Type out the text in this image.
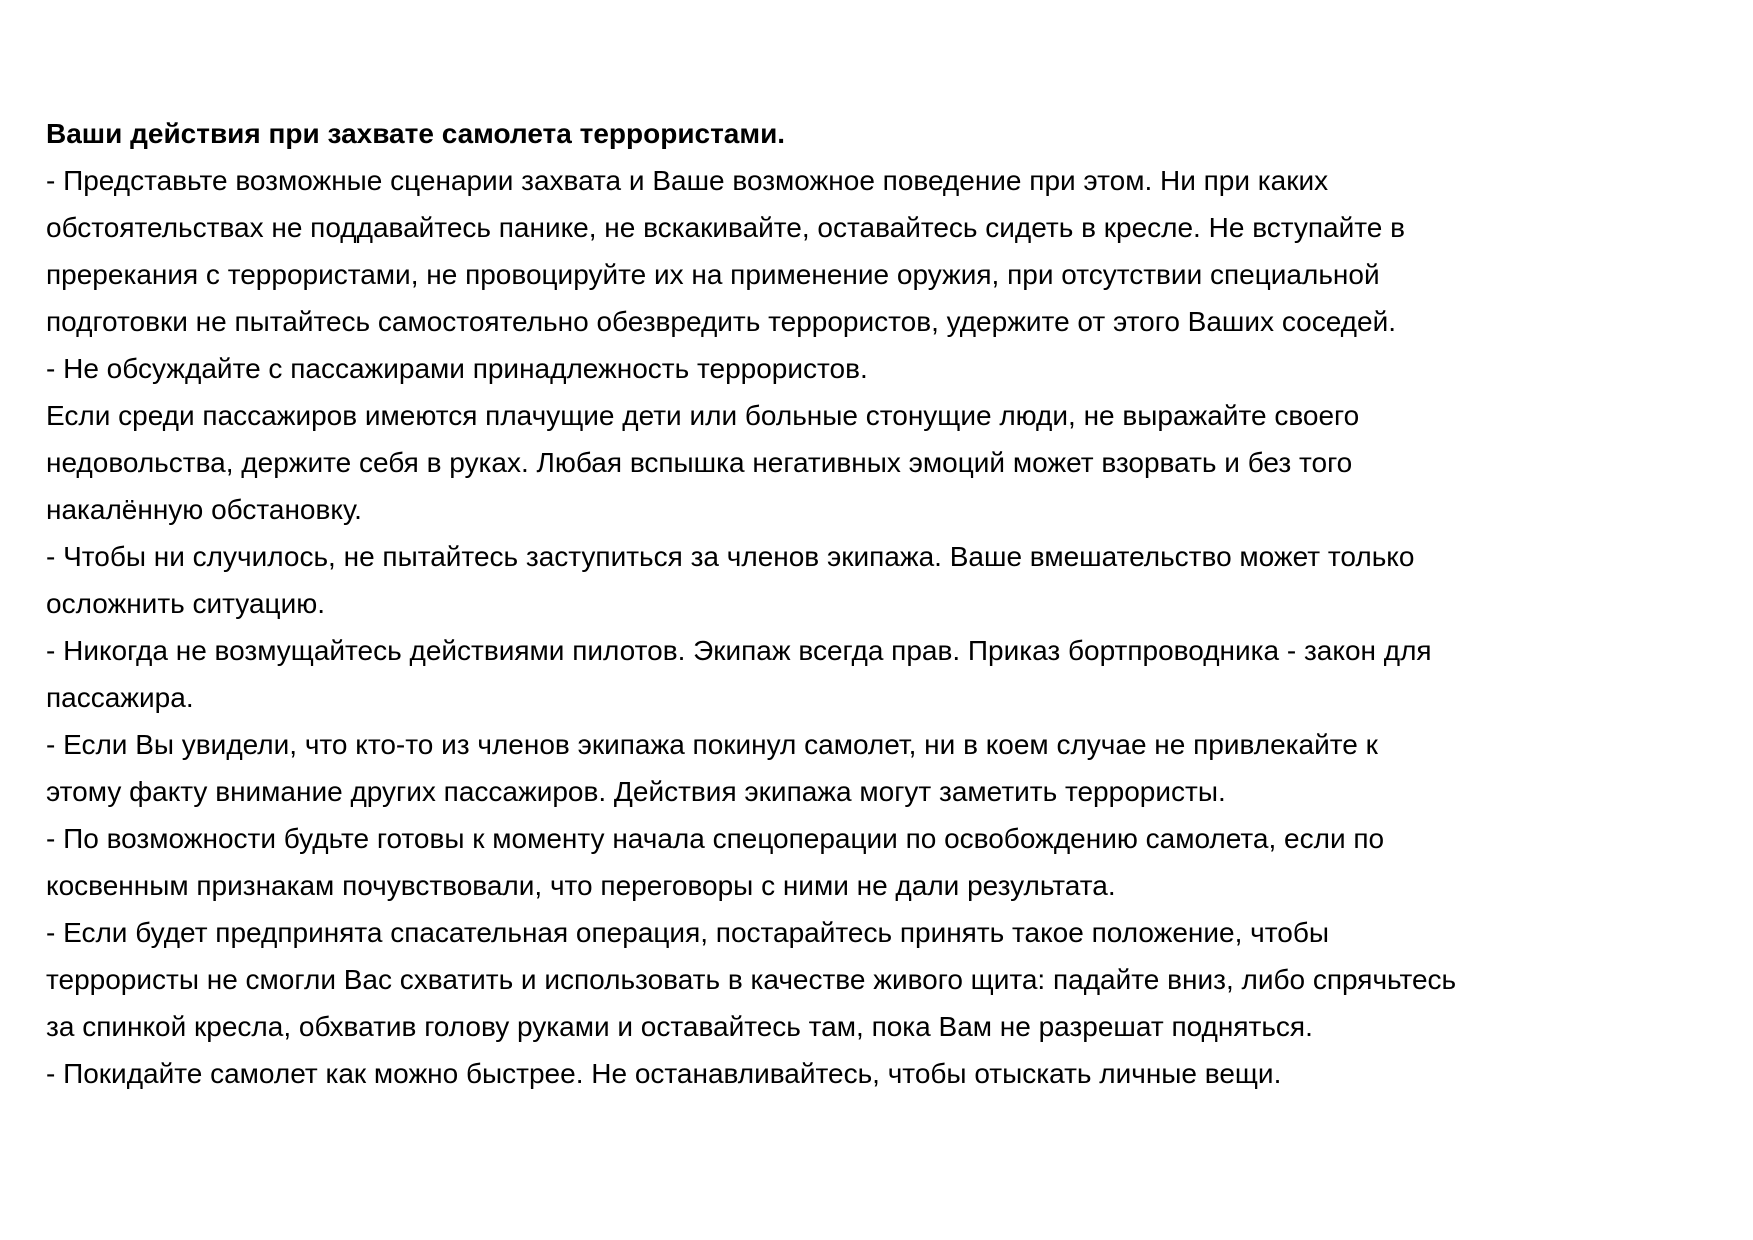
Ваши действия при захвате самолета террористами.
- Представьте возможные сценарии захвата и Ваше возможное поведение при этом. Ни при каких
обстоятельствах не поддавайтесь панике, не вскакивайте, оставайтесь сидеть в кресле. Не вступайте в
пререкания с террористами, не провоцируйте их на применение оружия, при отсутствии специальной
подготовки не пытайтесь самостоятельно обезвредить террористов, удержите от этого Ваших соседей.
- Не обсуждайте с пассажирами принадлежность террористов.
Если среди пассажиров имеются плачущие дети или больные стонущие люди, не выражайте своего
недовольства, держите себя в руках. Любая вспышка негативных эмоций может взорвать и без того
накалённую обстановку.
- Чтобы ни случилось, не пытайтесь заступиться за членов экипажа. Ваше вмешательство может только
осложнить ситуацию.
- Никогда не возмущайтесь действиями пилотов. Экипаж всегда прав. Приказ бортпроводника - закон для
пассажира.
- Если Вы увидели, что кто-то из членов экипажа покинул самолет, ни в коем случае не привлекайте к
этому факту внимание других пассажиров. Действия экипажа могут заметить террористы.
- По возможности будьте готовы к моменту начала спецоперации по освобождению самолета, если по
косвенным признакам почувствовали, что переговоры с ними не дали результата.
- Если будет предпринята спасательная операция, постарайтесь принять такое положение, чтобы
террористы не смогли Вас схватить и использовать в качестве живого щита: падайте вниз, либо спрячьтесь
за спинкой кресла, обхватив голову руками и оставайтесь там, пока Вам не разрешат подняться.
- Покидайте самолет как можно быстрее. Не останавливайтесь, чтобы отыскать личные вещи.
